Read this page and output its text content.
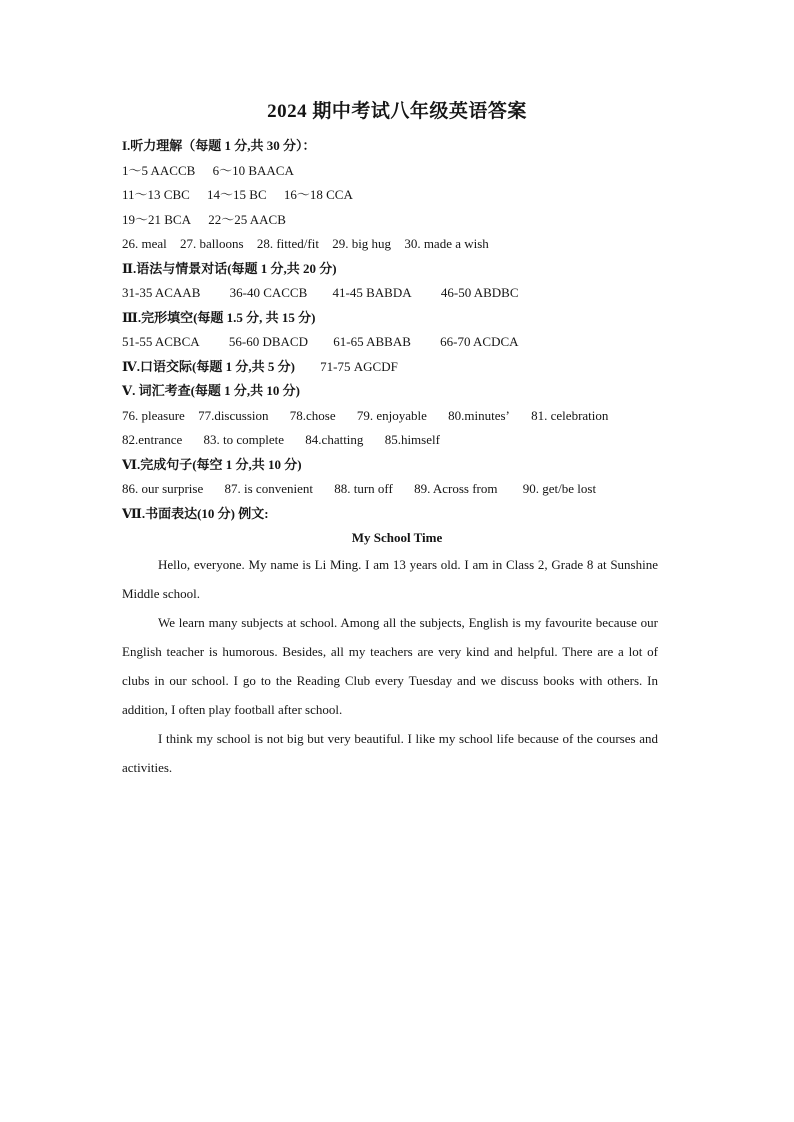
2024 期中考试八年级英语答案
I.听力理解（每题 1 分,共 30 分）：
1～5 AACCB 6～10 BAACA
11～13 CBC 14～15 BC 16～18 CCA
19～21 BCA 22～25 AACB
26. meal 27. balloons 28. fitted/fit 29. big hug 30. made a wish
Ⅱ.语法与情景对话(每题 1 分,共 20 分)
31-35 ACAAB 36-40 CACCB 41-45 BABDA 46-50 ABDBC
Ⅲ.完形填空(每题 1.5 分, 共 15 分)
51-55 ACBCA 56-60 DBACD 61-65 ABBAB 66-70 ACDCA
Ⅳ.口语交际(每题 1 分,共 5 分) 71-75 AGCDF
Ⅴ. 词汇考查(每题 1 分,共 10 分)
76. pleasure 77.discussion 78.chose 79. enjoyable 80.minutes’ 81. celebration
82.entrance 83. to complete 84.chatting 85.himself
Ⅵ.完成句子(每空 1 分,共 10 分)
86. our surprise 87. is convenient 88. turn off 89. Across from 90. get/be lost
Ⅶ.书面表达(10 分) 例文:
My School Time

Hello, everyone. My name is Li Ming. I am 13 years old. I am in Class 2, Grade 8 at Sunshine Middle school.

We learn many subjects at school. Among all the subjects, English is my favourite because our English teacher is humorous. Besides, all my teachers are very kind and helpful. There are a lot of clubs in our school. I go to the Reading Club every Tuesday and we discuss books with others. In addition, I often play football after school.

I think my school is not big but very beautiful. I like my school life because of the courses and activities.
